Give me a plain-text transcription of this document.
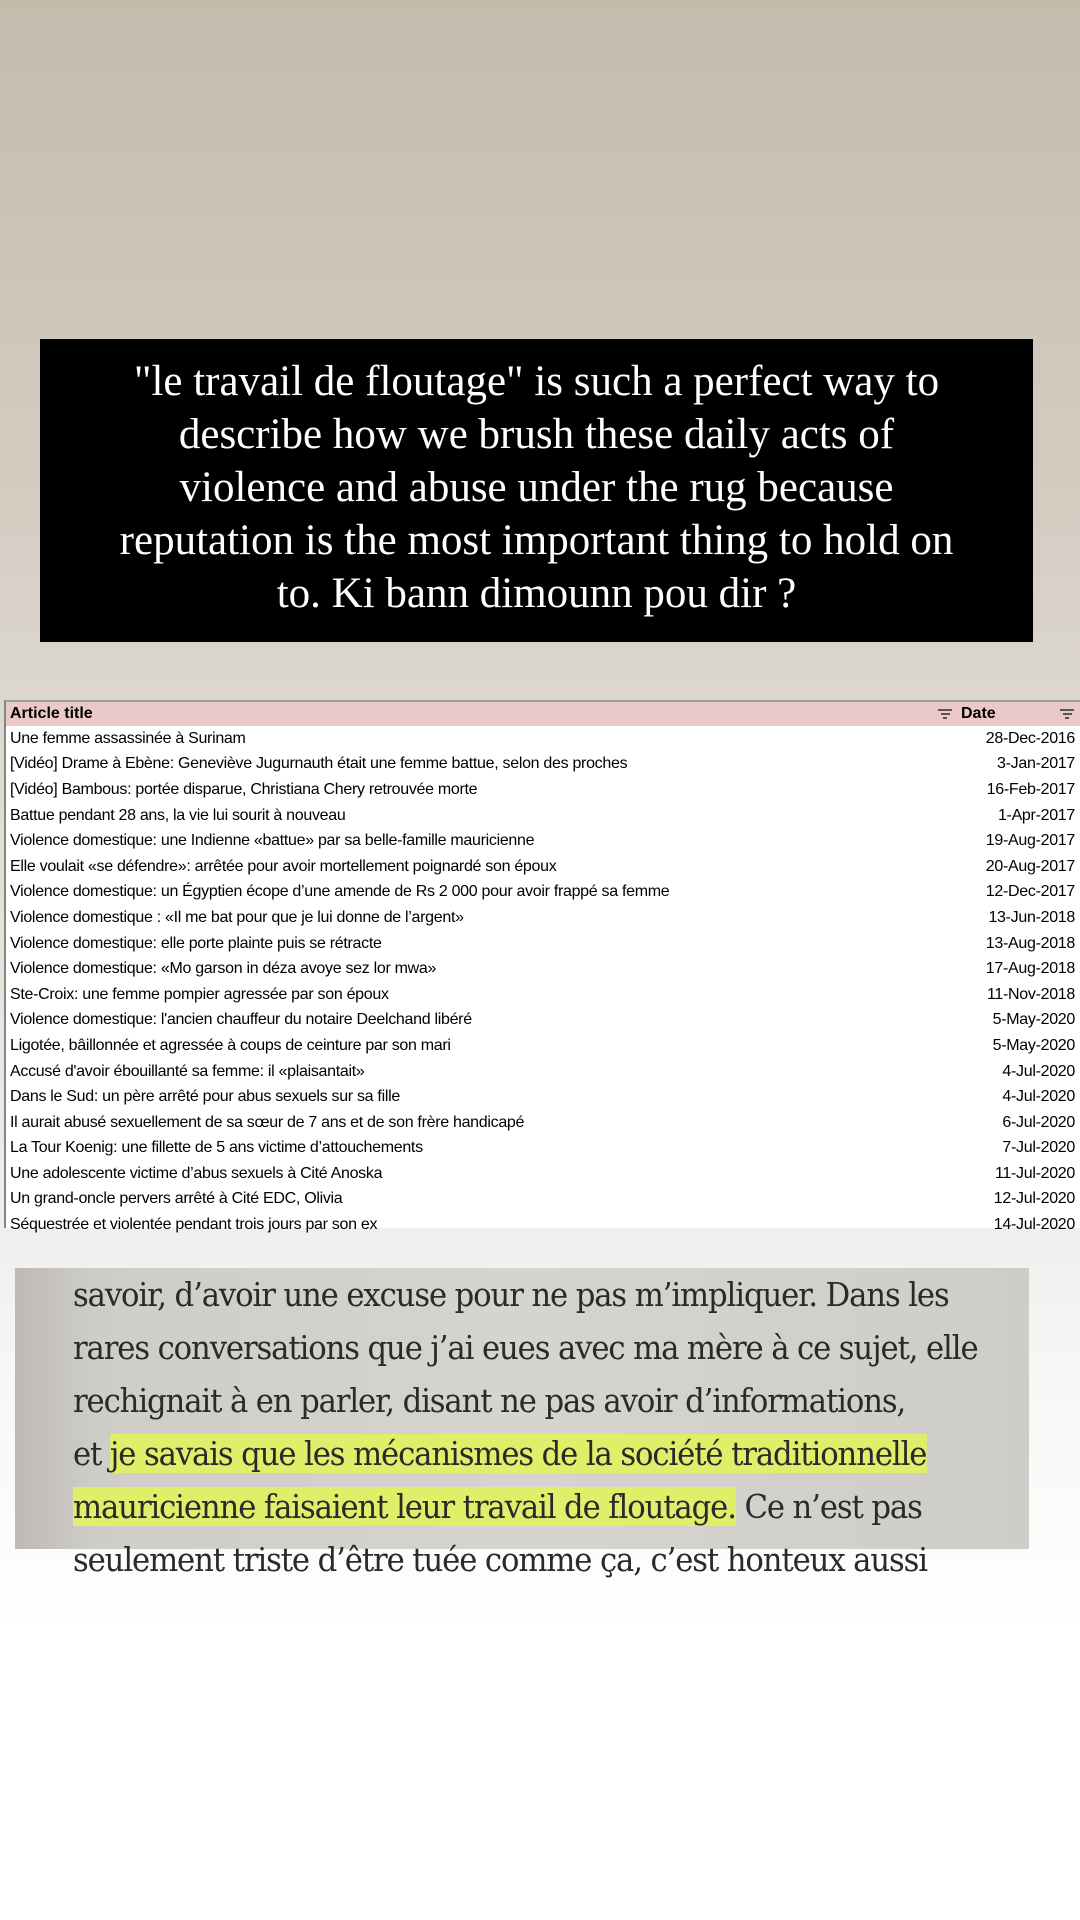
"le travail de floutage" is such a perfect way to
describe how we brush these daily acts of
violence and abuse under the rug because
reputation is the most important thing to hold on
to. Ki bann dimounn pou dir ?
Article title	Date
Une femme assassinée à Surinam	28-Dec-2016
[Vidéo] Drame à Ebène: Geneviève Jugurnauth était une femme battue, selon des proches	3-Jan-2017
[Vidéo] Bambous: portée disparue, Christiana Chery retrouvée morte	16-Feb-2017
Battue pendant 28 ans, la vie lui sourit à nouveau	1-Apr-2017
Violence domestique: une Indienne «battue» par sa belle-famille mauricienne	19-Aug-2017
Elle voulait «se défendre»: arrêtée pour avoir mortellement poignardé son époux	20-Aug-2017
Violence domestique: un Égyptien écope d’une amende de Rs 2 000 pour avoir frappé sa femme	12-Dec-2017
Violence domestique : «Il me bat pour que je lui donne de l’argent»	13-Jun-2018
Violence domestique: elle porte plainte puis se rétracte	13-Aug-2018
Violence domestique: «Mo garson in déza avoye sez lor mwa»	17-Aug-2018
Ste-Croix: une femme pompier agressée par son époux	11-Nov-2018
Violence domestique: l'ancien chauffeur du notaire Deelchand libéré	5-May-2020
Ligotée, bâillonnée et agressée à coups de ceinture par son mari	5-May-2020
Accusé d'avoir ébouillanté sa femme: il «plaisantait»	4-Jul-2020
Dans le Sud: un père arrêté pour abus sexuels sur sa fille	4-Jul-2020
Il aurait abusé sexuellement de sa sœur de 7 ans et de son frère handicapé	6-Jul-2020
La Tour Koenig: une fillette de 5 ans victime d’attouchements	7-Jul-2020
Une adolescente victime d’abus sexuels à Cité Anoska	11-Jul-2020
Un grand-oncle pervers arrêté à Cité EDC, Olivia	12-Jul-2020
Séquestrée et violentée pendant trois jours par son ex	14-Jul-2020
savoir, d’avoir une excuse pour ne pas m’impliquer. Dans les
rares conversations que j’ai eues avec ma mère à ce sujet, elle
rechignait à en parler, disant ne pas avoir d’informations,
et je savais que les mécanismes de la société traditionnelle
mauricienne faisaient leur travail de floutage. Ce n’est pas
seulement triste d’être tuée comme ça, c’est honteux aussi
